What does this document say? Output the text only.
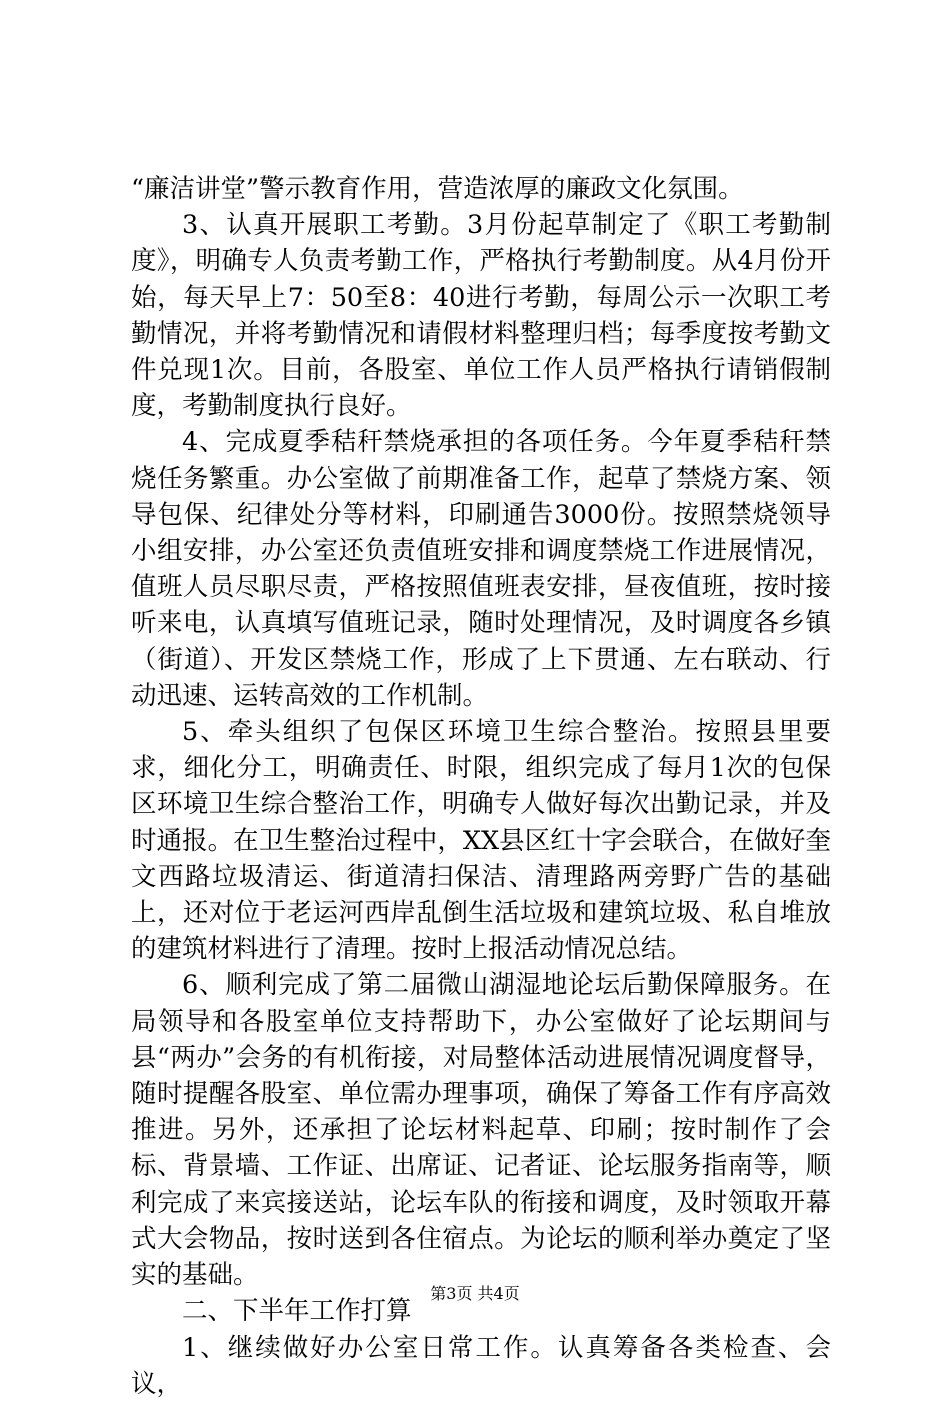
“廉洁讲堂”警示教育作用，营造浓厚的廉政文化氛围。

3、认真开展职工考勤。3月份起草制定了《职工考勤制度》，明确专人负责考勤工作，严格执行考勤制度。从4月份开始，每天早上7：50至8：40进行考勤，每周公示一次职工考勤情况，并将考勤情况和请假材料整理归档；每季度按考勤文件兑现1次。目前，各股室、单位工作人员严格执行请销假制度，考勤制度执行良好。

4、完成夏季秸秆禁烧承担的各项任务。今年夏季秸秆禁烧任务繁重。办公室做了前期准备工作，起草了禁烧方案、领导包保、纪律处分等材料，印刷通告3000份。按照禁烧领导小组安排，办公室还负责值班安排和调度禁烧工作进展情况，值班人员尽职尽责，严格按照值班表安排，昼夜值班，按时接听来电，认真填写值班记录，随时处理情况，及时调度各乡镇（街道）、开发区禁烧工作，形成了上下贯通、左右联动、行动迅速、运转高效的工作机制。

5、牵头组织了包保区环境卫生综合整治。按照县里要求，细化分工，明确责任、时限，组织完成了每月1次的包保区环境卫生综合整治工作，明确专人做好每次出勤记录，并及时通报。在卫生整治过程中，XX县区红十字会联合，在做好奎文西路垃圾清运、街道清扫保洁、清理路两旁野广告的基础上，还对位于老运河西岸乱倒生活垃圾和建筑垃圾、私自堆放的建筑材料进行了清理。按时上报活动情况总结。

6、顺利完成了第二届微山湖湿地论坛后勤保障服务。在局领导和各股室单位支持帮助下，办公室做好了论坛期间与县“两办”会务的有机衔接，对局整体活动进展情况调度督导，随时提醒各股室、单位需办理事项，确保了筹备工作有序高效推进。另外，还承担了论坛材料起草、印刷；按时制作了会标、背景墙、工作证、出席证、记者证、论坛服务指南等，顺利完成了来宾接送站，论坛车队的衔接和调度，及时领取开幕式大会物品，按时送到各住宿点。为论坛的顺利举办奠定了坚实的基础。

二、下半年工作打算

1、继续做好办公室日常工作。认真筹备各类检查、会议，

第3页 共4页
